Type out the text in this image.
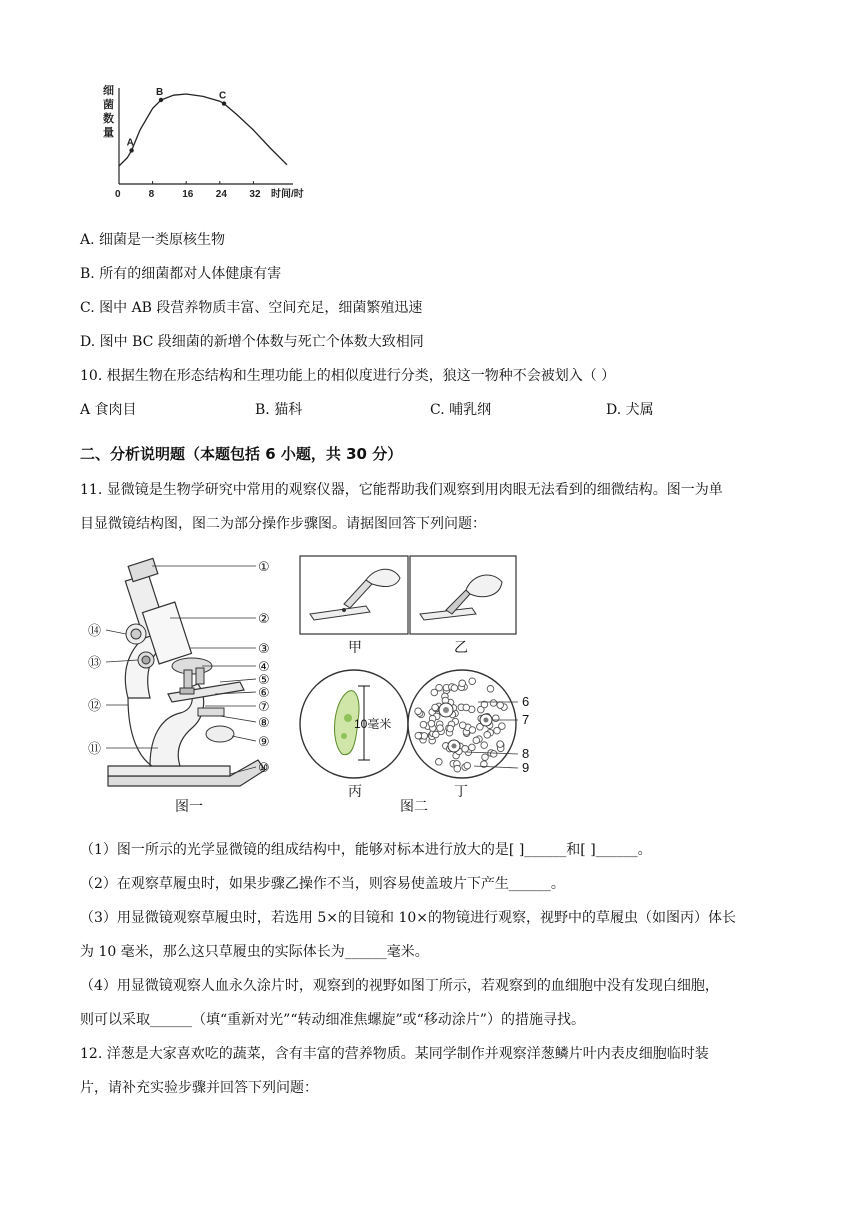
细
菌
数
量
0	8	16 24 32 时间/时
A
B	C
A. 细菌是一类原核生物
B. 所有的细菌都对人体健康有害
C. 图中 AB 段营养物质丰富、空间充足，细菌繁殖迅速
D. 图中 BC 段细菌的新增个体数与死亡个体数大致相同
10. 根据生物在形态结构和生理功能上的相似度进行分类，狼这一物种不会被划入（ ）
A 食肉目	B. 猫科	C. 哺乳纲	D. 犬属
二、分析说明题（本题包括 6 小题，共 30 分）
11. 显微镜是生物学研究中常用的观察仪器，它能帮助我们观察到用肉眼无法看到的细微结构。图一为单
目显微镜结构图，图二为部分操作步骤图。请据图回答下列问题：
①
②
③
④
⑤
⑥
⑦
⑧
⑨
⑩
⑪
⑫
⑬
⑭
图一
甲	乙
10毫米
丙
6
7
8
9
丁
图二
（1）图一所示的光学显微镜的组成结构中，能够对标本进行放大的是[ ]______和[ ]______。
（2）在观察草履虫时，如果步骤乙操作不当，则容易使盖玻片下产生______。
（3）用显微镜观察草履虫时，若选用 5×的目镜和 10×的物镜进行观察，视野中的草履虫（如图丙）体长
为 10 毫米，那么这只草履虫的实际体长为______毫米。
（4）用显微镜观察人血永久涂片时，观察到的视野如图丁所示，若观察到的血细胞中没有发现白细胞，
则可以采取______（填“重新对光”“转动细准焦螺旋”或“移动涂片”）的措施寻找。
12. 洋葱是大家喜欢吃的蔬菜，含有丰富的营养物质。某同学制作并观察洋葱鳞片叶内表皮细胞临时装
片，请补充实验步骤并回答下列问题：
